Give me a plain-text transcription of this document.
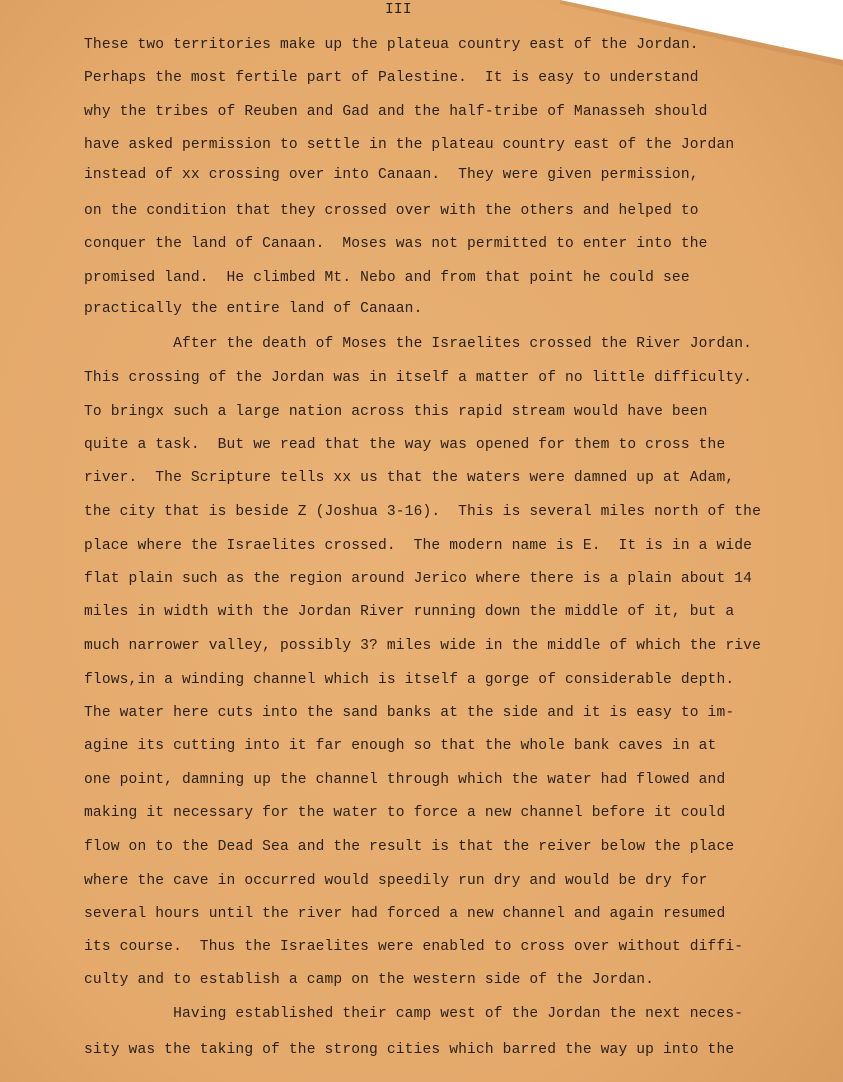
III
These two territories make up the plateua country east of the Jordan.
Perhaps the most fertile part of Palestine.  It is easy to understand
why the tribes of Reuben and Gad and the half-tribe of Manasseh should
have asked permission to settle in the plateau country east of the Jordan
instead of xx crossing over into Canaan.  They were given permission,
on the condition that they crossed over with the others and helped to
conquer the land of Canaan.  Moses was not permitted to enter into the
promised land.  He climbed Mt. Nebo and from that point he could see
practically the entire land of Canaan.
After the death of Moses the Israelites crossed the River Jordan.
This crossing of the Jordan was in itself a matter of no little difficulty.
To bringx such a large nation across this rapid stream would have been
quite a task.  But we read that the way was opened for them to cross the
river.  The Scripture tells xx us that the waters were damned up at Adam,
the city that is beside Z (Joshua 3-16).  This is several miles north of the
place where the Israelites crossed.  The modern name is E.  It is in a wide
flat plain such as the region around Jerico where there is a plain about 14
miles in width with the Jordan River running down the middle of it, but a
much narrower valley, possibly 3? miles wide in the middle of which the rive
flows,in a winding channel which is itself a gorge of considerable depth.
The water here cuts into the sand banks at the side and it is easy to im-
agine its cutting into it far enough so that the whole bank caves in at
one point, damning up the channel through which the water had flowed and
making it necessary for the water to force a new channel before it could
flow on to the Dead Sea and the result is that the reiver below the place
where the cave in occurred would speedily run dry and would be dry for
several hours until the river had forced a new channel and again resumed
its course.  Thus the Israelites were enabled to cross over without diffi-
culty and to establish a camp on the western side of the Jordan.
Having established their camp west of the Jordan the next neces-
sity was the taking of the strong cities which barred the way up into the
